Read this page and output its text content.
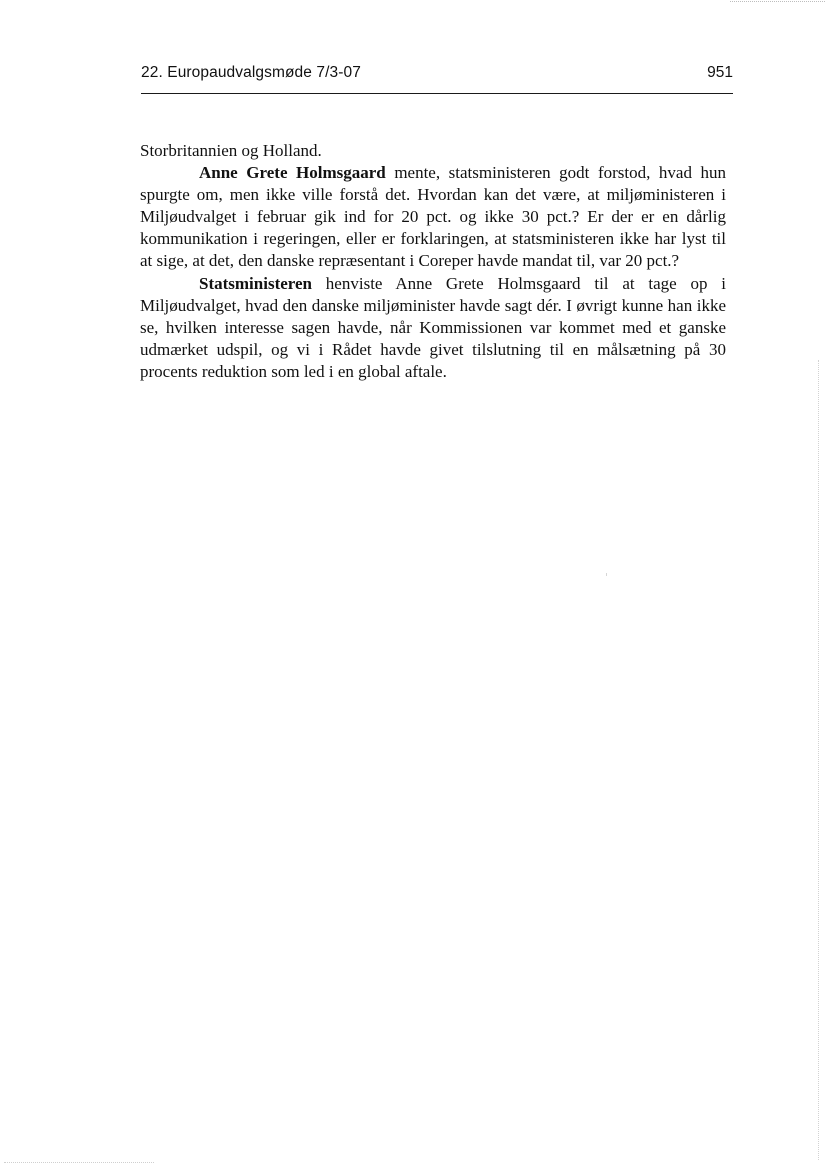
22. Europaudvalgsmøde 7/3-07	951

Storbritannien og Holland.

Anne Grete Holmsgaard mente, statsministeren godt forstod, hvad hun spurgte om, men ikke ville forstå det. Hvordan kan det være, at miljøministeren i Miljøudvalget i februar gik ind for 20 pct. og ikke 30 pct.? Er der er en dårlig kommunikation i regeringen, eller er forklaringen, at statsministeren ikke har lyst til at sige, at det, den danske repræsentant i Coreper havde mandat til, var 20 pct.?

Statsministeren henviste Anne Grete Holmsgaard til at tage op i Miljøudvalget, hvad den danske miljøminister havde sagt dér. I øvrigt kunne han ikke se, hvilken interesse sagen havde, når Kommissionen var kommet med et ganske udmærket udspil, og vi i Rådet havde givet tilslutning til en målsætning på 30 procents reduktion som led i en global aftale.
